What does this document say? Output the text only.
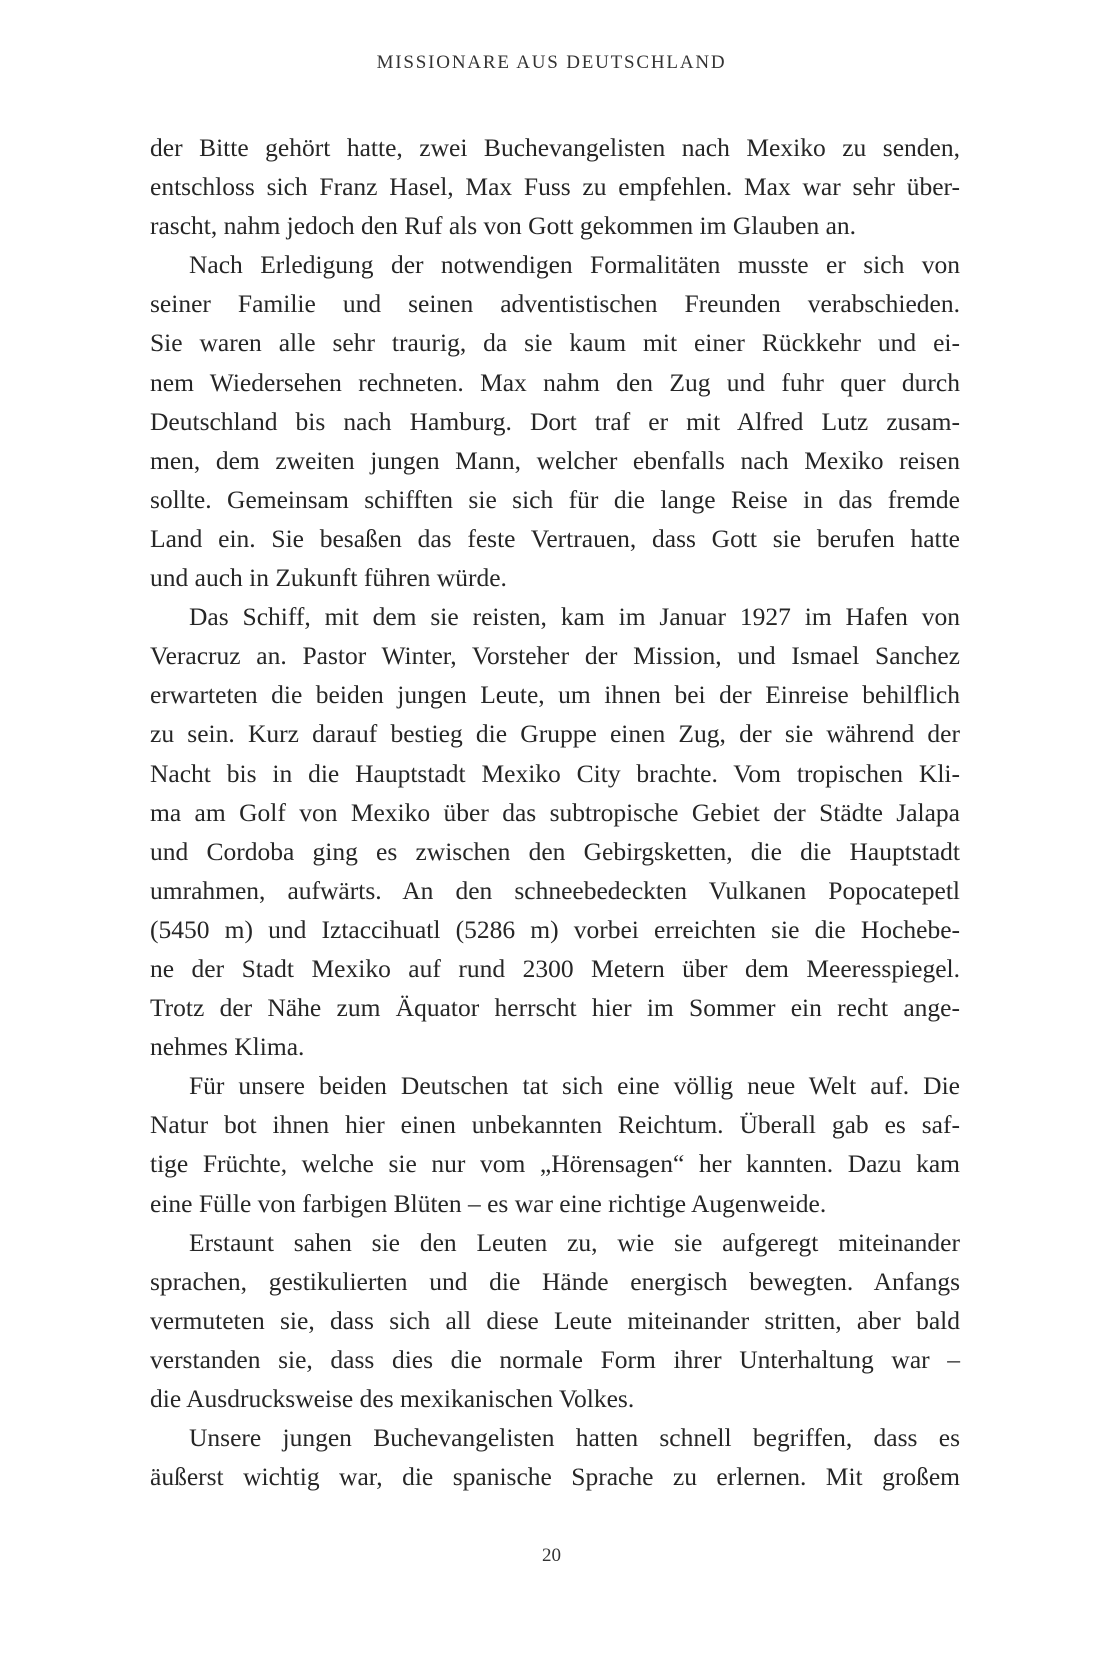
MISSIONARE AUS DEUTSCHLAND

der Bitte gehört hatte, zwei Buchevangelisten nach Mexiko zu senden,
entschloss sich Franz Hasel, Max Fuss zu empfehlen. Max war sehr über-
rascht, nahm jedoch den Ruf als von Gott gekommen im Glauben an.

Nach Erledigung der notwendigen Formalitäten musste er sich von
seiner Familie und seinen adventistischen Freunden verabschieden.
Sie waren alle sehr traurig, da sie kaum mit einer Rückkehr und ei-
nem Wiedersehen rechneten. Max nahm den Zug und fuhr quer durch
Deutschland bis nach Hamburg. Dort traf er mit Alfred Lutz zusam-
men, dem zweiten jungen Mann, welcher ebenfalls nach Mexiko reisen
sollte. Gemeinsam schifften sie sich für die lange Reise in das fremde
Land ein. Sie besaßen das feste Vertrauen, dass Gott sie berufen hatte
und auch in Zukunft führen würde.

Das Schiff, mit dem sie reisten, kam im Januar 1927 im Hafen von
Veracruz an. Pastor Winter, Vorsteher der Mission, und Ismael Sanchez
erwarteten die beiden jungen Leute, um ihnen bei der Einreise behilflich
zu sein. Kurz darauf bestieg die Gruppe einen Zug, der sie während der
Nacht bis in die Hauptstadt Mexiko City brachte. Vom tropischen Kli-
ma am Golf von Mexiko über das subtropische Gebiet der Städte Jalapa
und Cordoba ging es zwischen den Gebirgsketten, die die Hauptstadt
umrahmen, aufwärts. An den schneebedeckten Vulkanen Popocatepetl
(5450 m) und Iztaccihuatl (5286 m) vorbei erreichten sie die Hochebe-
ne der Stadt Mexiko auf rund 2300 Metern über dem Meeresspiegel.
Trotz der Nähe zum Äquator herrscht hier im Sommer ein recht ange-
nehmes Klima.

Für unsere beiden Deutschen tat sich eine völlig neue Welt auf. Die
Natur bot ihnen hier einen unbekannten Reichtum. Überall gab es saf-
tige Früchte, welche sie nur vom „Hörensagen“ her kannten. Dazu kam
eine Fülle von farbigen Blüten – es war eine richtige Augenweide.

Erstaunt sahen sie den Leuten zu, wie sie aufgeregt miteinander
sprachen, gestikulierten und die Hände energisch bewegten. Anfangs
vermuteten sie, dass sich all diese Leute miteinander stritten, aber bald
verstanden sie, dass dies die normale Form ihrer Unterhaltung war –
die Ausdrucksweise des mexikanischen Volkes.

Unsere jungen Buchevangelisten hatten schnell begriffen, dass es
äußerst wichtig war, die spanische Sprache zu erlernen. Mit großem

20
